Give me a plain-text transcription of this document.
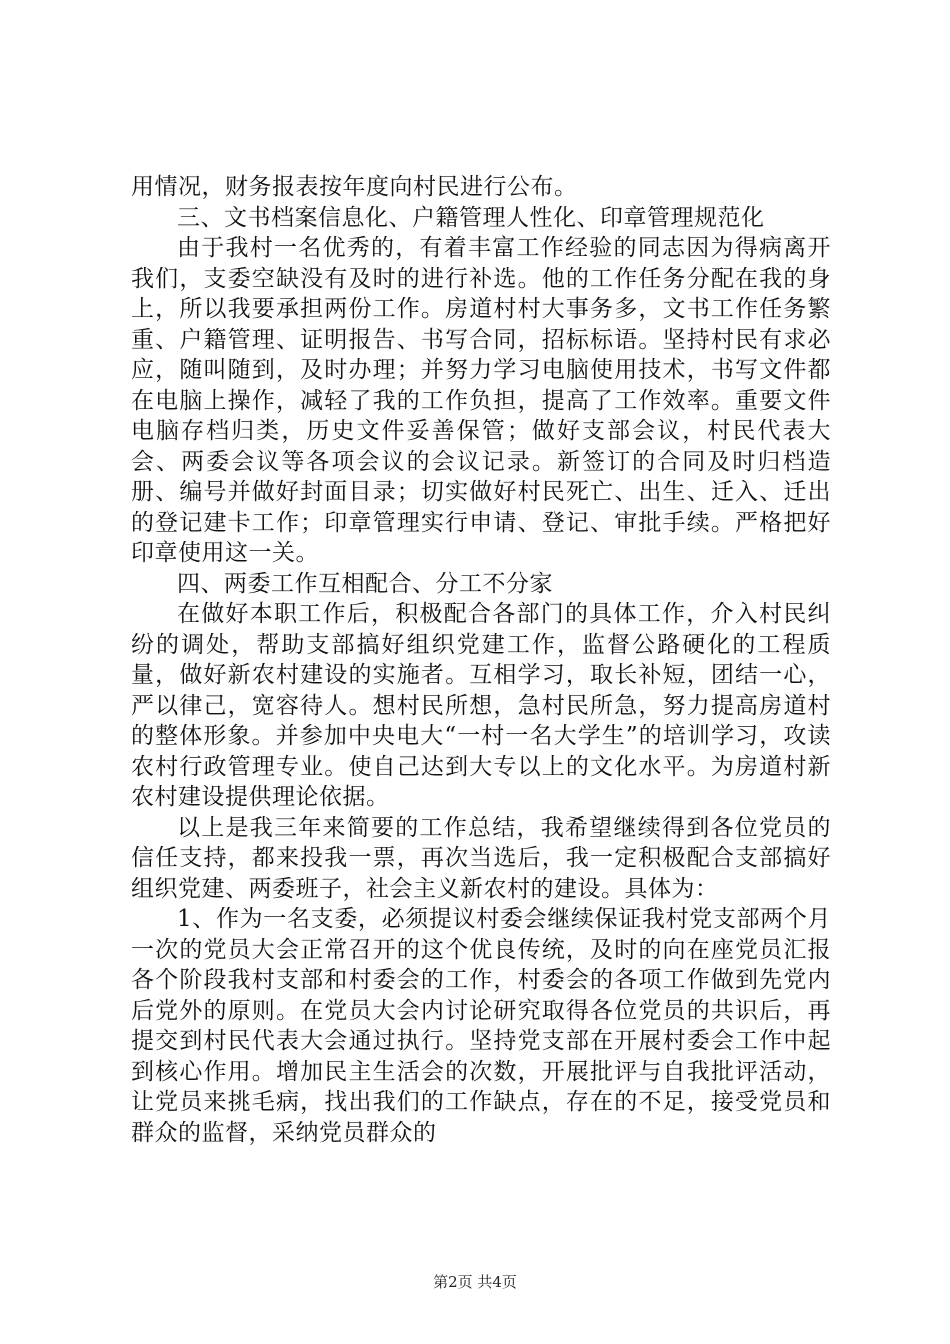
用情况，财务报表按年度向村民进行公布。

三、文书档案信息化、户籍管理人性化、印章管理规范化

由于我村一名优秀的，有着丰富工作经验的同志因为得病离开我们，支委空缺没有及时的进行补选。他的工作任务分配在我的身上，所以我要承担两份工作。房道村村大事务多，文书工作任务繁重、户籍管理、证明报告、书写合同，招标标语。坚持村民有求必应，随叫随到，及时办理；并努力学习电脑使用技术，书写文件都在电脑上操作，减轻了我的工作负担，提高了工作效率。重要文件电脑存档归类，历史文件妥善保管；做好支部会议，村民代表大会、两委会议等各项会议的会议记录。新签订的合同及时归档造册、编号并做好封面目录；切实做好村民死亡、出生、迁入、迁出的登记建卡工作；印章管理实行申请、登记、审批手续。严格把好印章使用这一关。

四、两委工作互相配合、分工不分家

在做好本职工作后，积极配合各部门的具体工作，介入村民纠纷的调处，帮助支部搞好组织党建工作，监督公路硬化的工程质量，做好新农村建设的实施者。互相学习，取长补短，团结一心，严以律己，宽容待人。想村民所想，急村民所急，努力提高房道村的整体形象。并参加中央电大“一村一名大学生”的培训学习，攻读农村行政管理专业。使自己达到大专以上的文化水平。为房道村新农村建设提供理论依据。

以上是我三年来简要的工作总结，我希望继续得到各位党员的信任支持，都来投我一票，再次当选后，我一定积极配合支部搞好组织党建、两委班子，社会主义新农村的建设。具体为：

1、作为一名支委，必须提议村委会继续保证我村党支部两个月一次的党员大会正常召开的这个优良传统，及时的向在座党员汇报各个阶段我村支部和村委会的工作，村委会的各项工作做到先党内后党外的原则。在党员大会内讨论研究取得各位党员的共识后，再提交到村民代表大会通过执行。坚持党支部在开展村委会工作中起到核心作用。增加民主生活会的次数，开展批评与自我批评活动，让党员来挑毛病，找出我们的工作缺点，存在的不足，接受党员和群众的监督，采纳党员群众的

第2页 共4页
